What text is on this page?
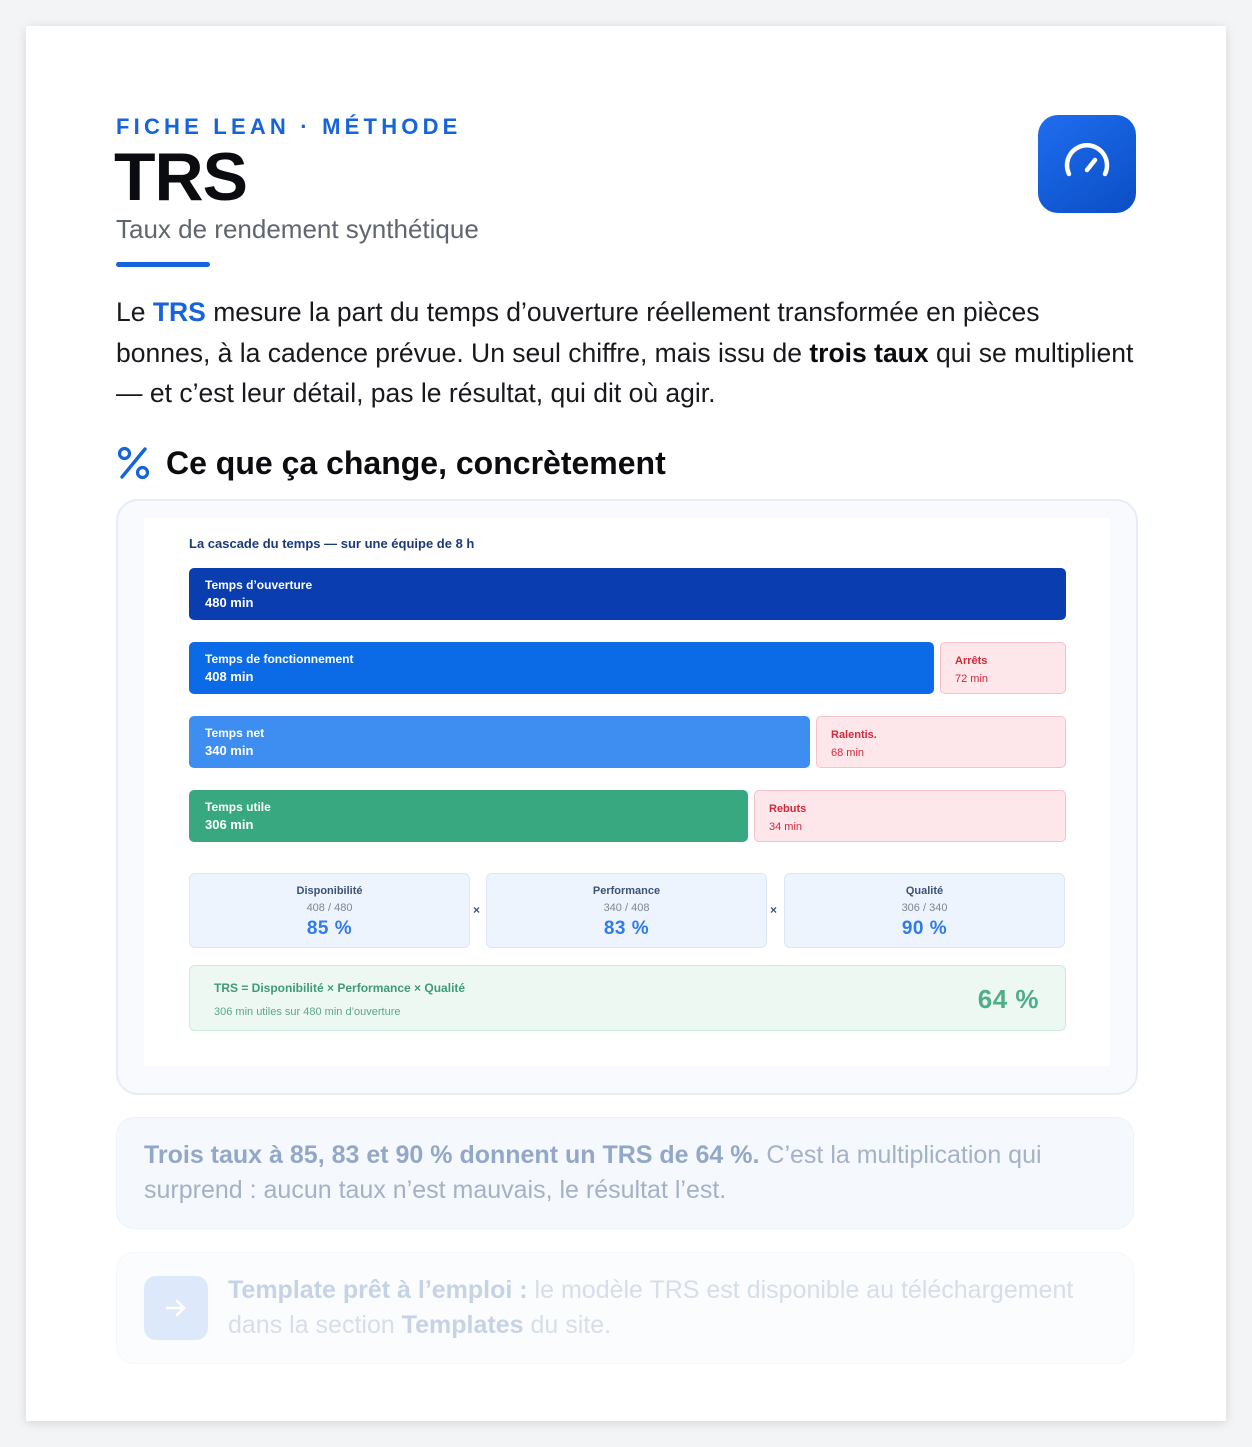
FICHE LEAN · MÉTHODE
TRS
Taux de rendement synthétique
Le TRS mesure la part du temps d’ouverture réellement transformée en pièces bonnes, à la cadence prévue. Un seul chiffre, mais issu de trois taux qui se multiplient — et c’est leur détail, pas le résultat, qui dit où agir.
Ce que ça change, concrètement
La cascade du temps — sur une équipe de 8 h
Temps d’ouverture
480 min
Temps de fonctionnement
408 min
Arrêts
72 min
Temps net
340 min
Ralentis.
68 min
Temps utile
306 min
Rebuts
34 min
Disponibilité
408 / 480
85 %
×
Performance
340 / 408
83 %
×
Qualité
306 / 340
90 %
TRS = Disponibilité × Performance × Qualité
306 min utiles sur 480 min d’ouverture	64 %
Trois taux à 85, 83 et 90 % donnent un TRS de 64 %. C’est la multiplication qui surprend : aucun taux n’est mauvais, le résultat l’est.
Template prêt à l’emploi : le modèle TRS est disponible au téléchargement dans la section Templates du site.
